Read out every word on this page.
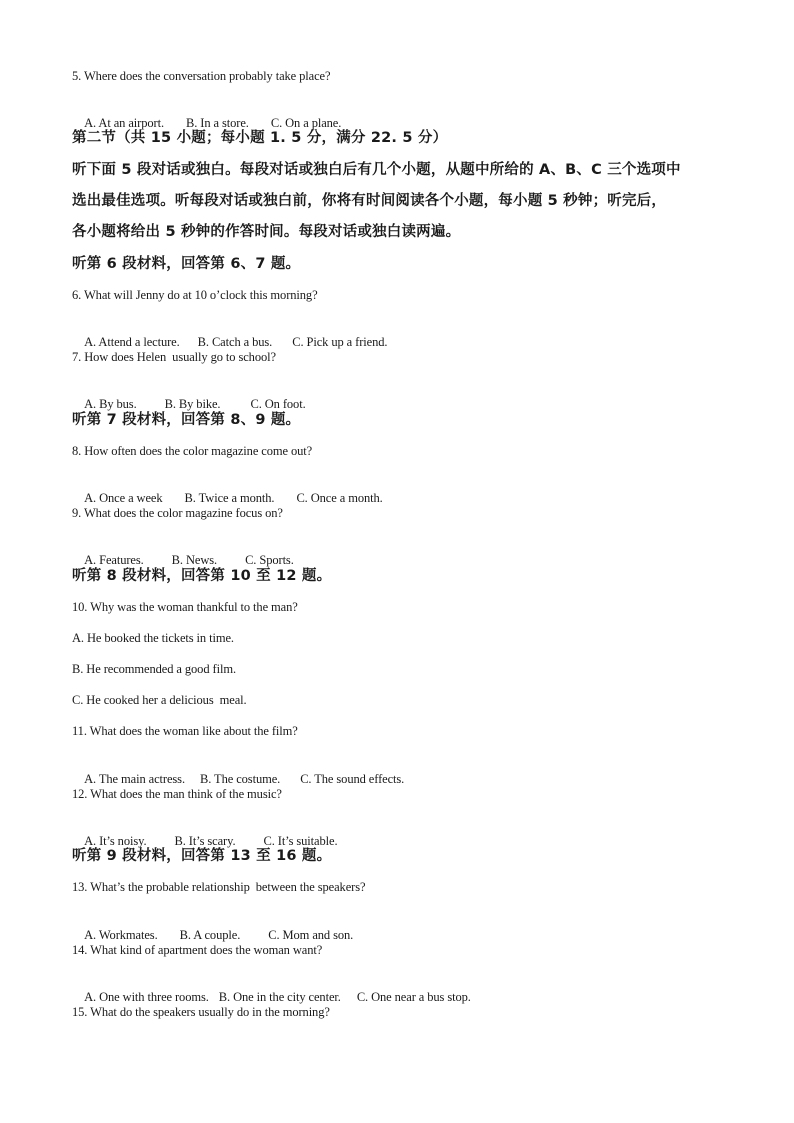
5. Where does the conversation probably take place?

A. At an airport. B. In a store. C. On a plane.

第二节（共 15 小题；每小题 1. 5 分，满分 22. 5 分）
听下面 5 段对话或独白。每段对话或独白后有几个小题，从题中所给的 A、B、C 三个选项中
选出最佳选项。听每段对话或独白前，你将有时间阅读各个小题，每小题 5 秒钟；听完后，
各小题将给出 5 秒钟的作答时间。每段对话或独白读两遍。
听第 6 段材料，回答第 6、7 题。
6. What will Jenny do at 10 o’clock this morning?

A. Attend a lecture. B. Catch a bus. C. Pick up a friend.

7. How does Helen  usually go to school?

A. By bus. B. By bike. C. On foot.

听第 7 段材料，回答第 8、9 题。
8. How often does the color magazine come out?

A. Once a week B. Twice a month. C. Once a month.

9. What does the color magazine focus on?

A. Features. B. News. C. Sports.

听第 8 段材料，回答第 10 至 12 题。
10. Why was the woman thankful to the man?
A. He booked the tickets in time.
B. He recommended a good film.
C. He cooked her a delicious  meal.
11. What does the woman like about the film?

A. The main actress. B. The costume. C. The sound effects.

12. What does the man think of the music?

A. It’s noisy. B. It’s scary. C. It’s suitable.

听第 9 段材料，回答第 13 至 16 题。
13. What’s the probable relationship  between the speakers?

A. Workmates. B. A couple. C. Mom and son.

14. What kind of apartment does the woman want?

A. One with three rooms. B. One in the city center. C. One near a bus stop.

15. What do the speakers usually do in the morning?
